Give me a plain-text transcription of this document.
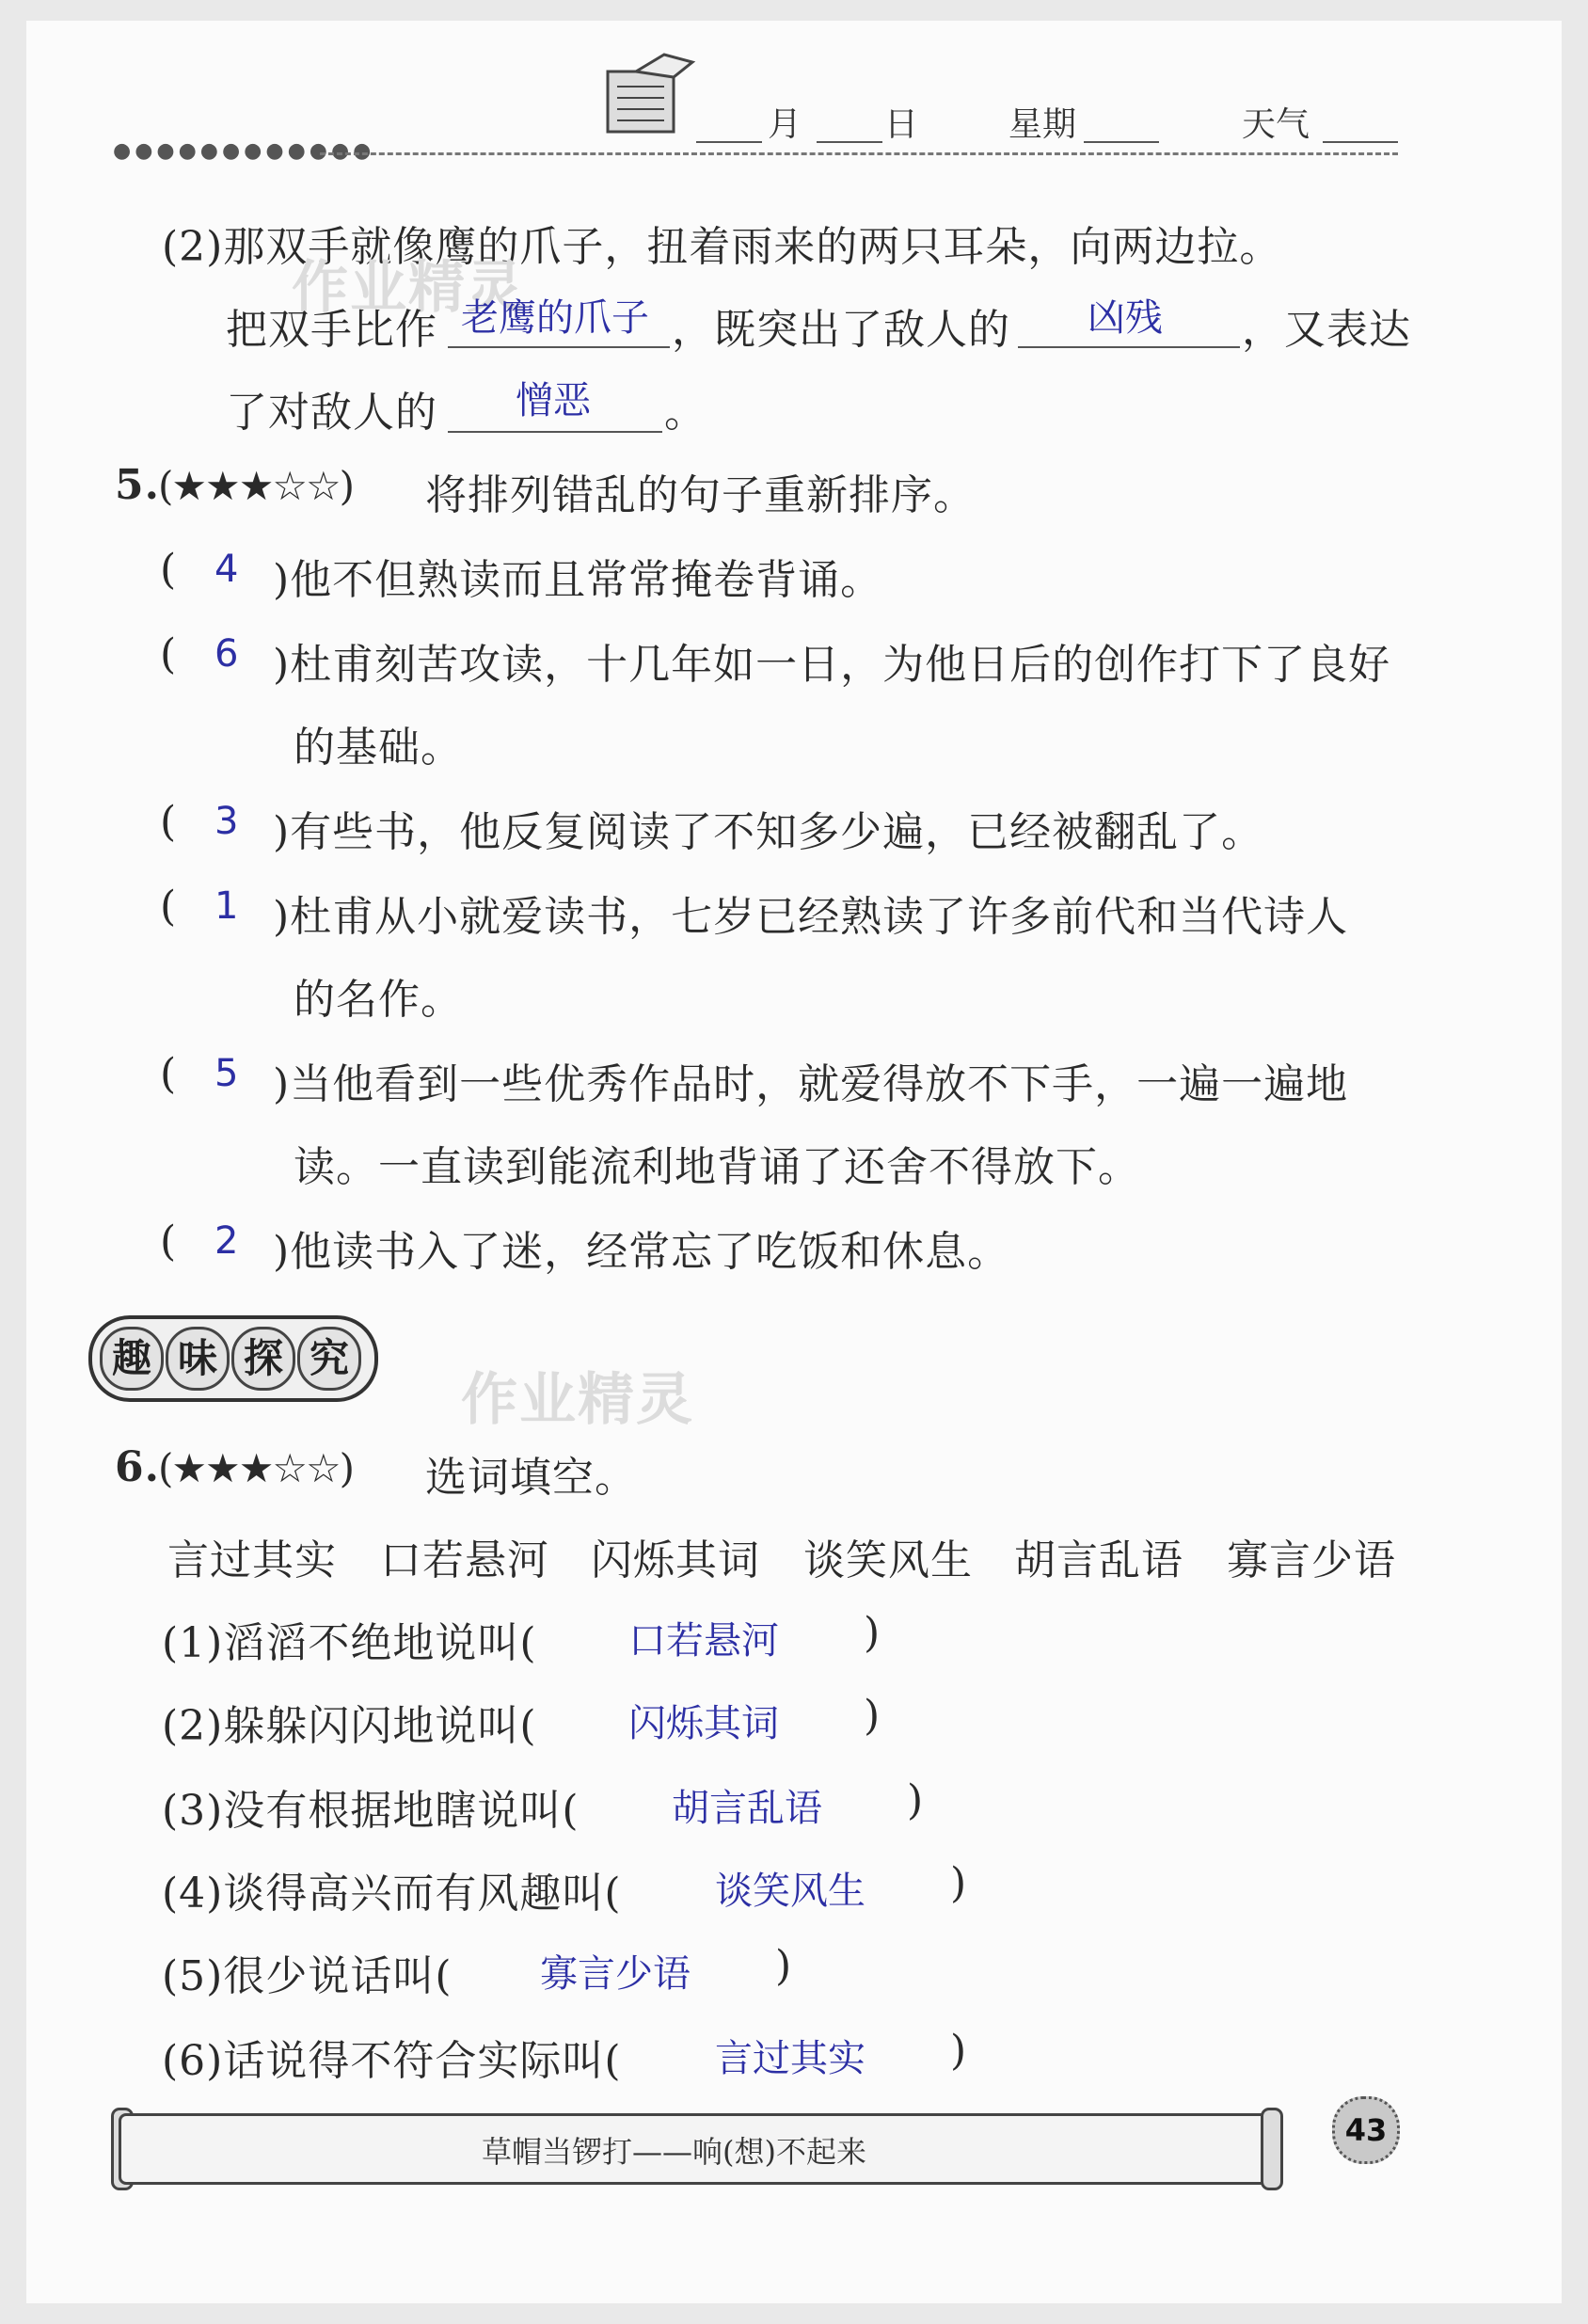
●●●●●●●●●●●●
月 日	星期	天气
(2)那双手就像鹰的爪子，扭着雨来的两只耳朵，向两边拉。
作业精灵
把双手比作 老鹰的爪子 ，既突出了敌人的 凶残 ，又表达
了对敌人的 憎恶 。
5.
(★★★☆☆) 将排列错乱的句子重新排序。
( 4 )他不但熟读而且常常掩卷背诵。
( 6 )杜甫刻苦攻读，十几年如一日，为他日后的创作打下了良好
的基础。
( 3 )有些书，他反复阅读了不知多少遍，已经被翻乱了。
( 1 )杜甫从小就爱读书，七岁已经熟读了许多前代和当代诗人
的名作。
( 5 )当他看到一些优秀作品时，就爱得放不下手，一遍一遍地
读。一直读到能流利地背诵了还舍不得放下。
( 2 )他读书入了迷，经常忘了吃饭和休息。
趣 味 探 究
作业精灵
6.
(★★★☆☆) 选词填空。
言过其实 口若悬河 闪烁其词 谈笑风生 胡言乱语 寡言少语
(1)滔滔不绝地说叫( 口若悬河 )
(2)躲躲闪闪地说叫( 闪烁其词 )
(3)没有根据地瞎说叫( 胡言乱语 )
(4)谈得高兴而有风趣叫( 谈笑风生 )
(5)很少说话叫( 寡言少语 )
(6)话说得不符合实际叫( 言过其实 )
草帽当锣打——响(想)不起来
43
